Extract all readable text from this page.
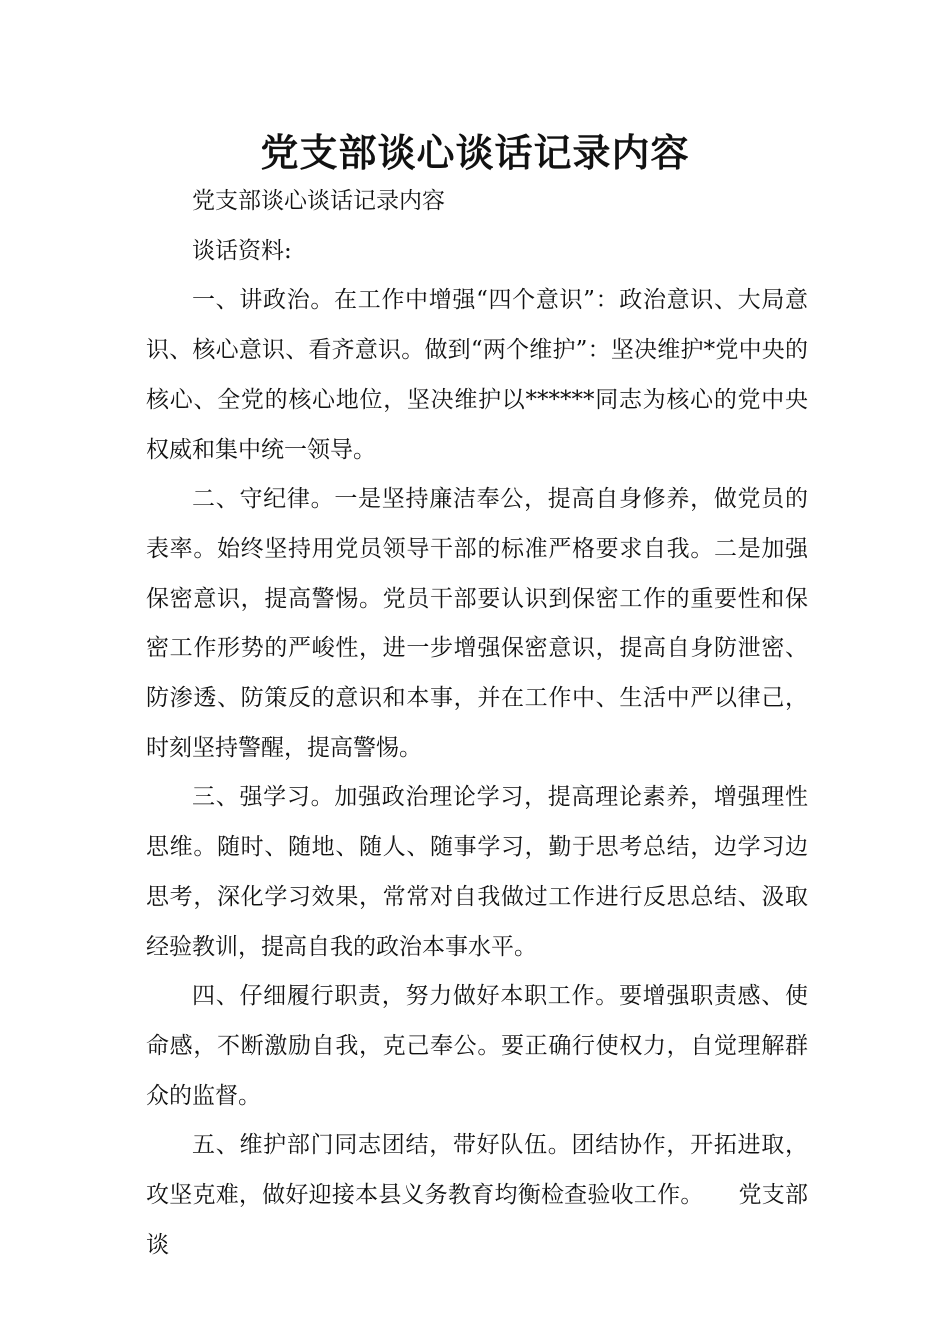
党支部谈心谈话记录内容

党支部谈心谈话记录内容

谈话资料:

一、讲政治。在工作中增强“四个意识”：政治意识、大局意识、核心意识、看齐意识。做到“两个维护”：坚决维护*党中央的核心、全党的核心地位，坚决维护以******同志为核心的党中央权威和集中统一领导。

二、守纪律。一是坚持廉洁奉公，提高自身修养，做党员的表率。始终坚持用党员领导干部的标准严格要求自我。二是加强保密意识，提高警惕。党员干部要认识到保密工作的重要性和保密工作形势的严峻性，进一步增强保密意识，提高自身防泄密、防渗透、防策反的意识和本事，并在工作中、生活中严以律己，时刻坚持警醒，提高警惕。

三、强学习。加强政治理论学习，提高理论素养，增强理性思维。随时、随地、随人、随事学习，勤于思考总结，边学习边思考，深化学习效果，常常对自我做过工作进行反思总结、汲取经验教训，提高自我的政治本事水平。

四、仔细履行职责，努力做好本职工作。要增强职责感、使命感，不断激励自我，克己奉公。要正确行使权力，自觉理解群众的监督。

五、维护部门同志团结，带好队伍。团结协作，开拓进取，攻坚克难，做好迎接本县义务教育均衡检查验收工作。　　党支部谈
